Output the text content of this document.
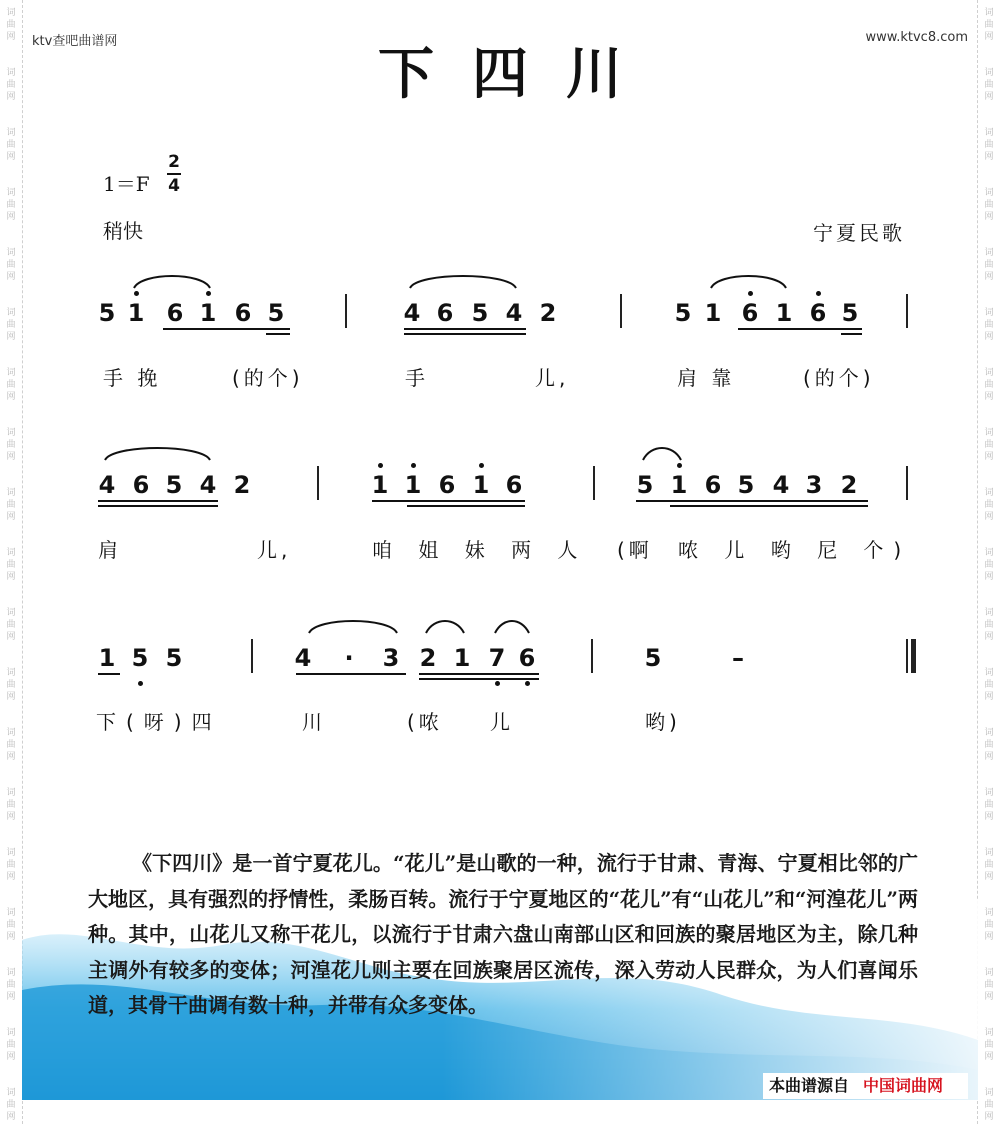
ktv查吧曲谱网	www.ktvc8.com
下四川
1＝F
2
4
稍快	宁夏民歌
5 1 6 1 6 5	4 6 5 4 2	5 1 6 1 6 5
手 挽	(的个)	手	儿,	肩 靠	(的个)
4 6 5 4 2	1 1 6 1 6	5 1 6 5 4 3 2
肩	儿,	咱 姐 妹 两 人 (啊 哝 儿 哟 尼 个)
1 5 5	4 · 3 2 1 7 6	5	–
下(呀)四	川	(哝 儿	哟)
《下四川》是一首宁夏花儿。“花儿”是山歌的一种，流行于甘肃、青海、宁夏相比邻的广大地区，具有强烈的抒情性，柔肠百转。流行于宁夏地区的“花儿”有“山花儿”和“河湟花儿”两种。其中，山花儿又称干花儿，以流行于甘肃六盘山南部山区和回族的聚居地区为主，除几种主调外有较多的变体；河湟花儿则主要在回族聚居区流传，深入劳动人民群众，为人们喜闻乐道，其骨干曲调有数十种，并带有众多变体。
本曲谱源自 中国词曲网
词
曲
网
词
曲
网
词
曲
网
词
曲
网
词
曲
网
词
曲
网
词
曲
网
词
曲
网
词
曲
网
词
曲
网
词
曲
网
词
曲
网
词
曲
网
词
曲
网
词
曲
网
词
曲
网
词
曲
网
词
曲
网
词
曲
网
词
曲
网
词
曲
网
词
曲
网
词
曲
网
词
曲
网
词
曲
网
词
曲
网
词
曲
网
词
曲
网
词
曲
网
词
曲
网
词
曲
网
词
曲
网
词
曲
网
词
曲
网
词
曲
网
词
曲
网
词
曲
网
词
曲
网
